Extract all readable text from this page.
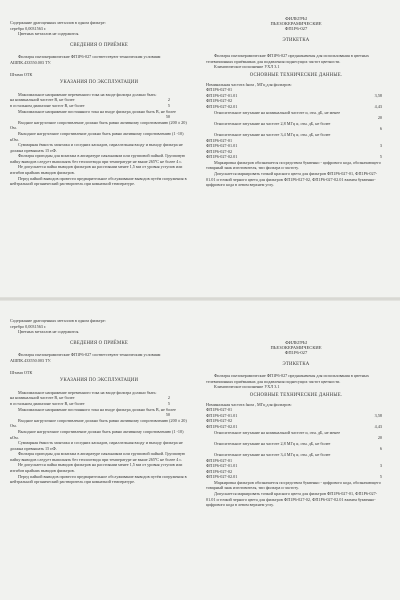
Содержание драгоценных металлов в одном фильтре:

серебро 0,0031563 г.

Цветных металлов не содержится.

СВЕДЕНИЯ О ПРИЁМКЕ

Фильтры пьезокерамические ФП1Р6-027 соответствуют техническим условиям АШПК.433550.003 ТУ.

Штамп ОТК

УКАЗАНИЯ ПО ЭКСПЛУАТАЦИИ

Максимальное напряжение переменного тока на входе фильтра должно быть:

на номинальной частоте В, не более	2
в остальном диапазоне частот В, не более	5

Максимальное напряжение постоянного тока на входе фильтра должно быть В, не более

50

Входное нагрузочное сопротивление должно быть равно активному сопротивлению (200 ± 20) Ом.

Выходное нагрузочное сопротивление должно быть равно активному сопротивлению (1 -10) кОм.

Суммарная ёмкость монтажа и соседних каскадов, параллельная входу и выходу фильтра не должна превышать 15 пФ.

Фильтры пригодны для монтажа в аппаратуре паяльником или групповой пайкой. Групповую пайку выводов следует выполнять без теплоотвода при температуре не выше 265ºС не более 4 с.

Не допускается пайка выводов фильтров на расстоянии менее 1,5 мм от уровня уступов или изгибов крайних выводов фильтров.

Перед пайкой выводов провести предварительное обслуживание выводов путём погружения в нейтральной органический растворитель при комнатной температуре.

ФИЛЬТРЫ

ПЬЕЗОКЕРАМИЧЕСКИЕ

ФП1Р6-027

ЭТИКЕТКА

Фильтры пьезокерамические ФП1Р6-027 предназначены для использования в цветных телевизионных приёмниках для подавления поднесущих частот цветности.

Климатическое исполнение УХЛ 3.1

ОСНОВНЫЕ ТЕХНИЧЕСКИЕ ДАННЫЕ.

Номинальная частота fном , МГц для фильтров:

ФП1Р6-027-01
ФП1Р6-027-01.01	3,58
ФП1Р6-027-02
ФП1Р6-027-02.01	4,43

Относительное затухание на номинальной частоте α, отн. дБ, не менее

20

Относительное затухание на частоте 2,8 МГц α, отн. дБ, не более

6

Относительное затухание на частоте 3,4 МГц α, отн. дБ, не более

ФП1Р6-027-01
ФП1Р6-027-01.01	3
ФП1Р6-027-02
ФП1Р6-027-02.01	5

Маркировка фильтров обозначается посредством буквенно - цифрового кода, обозначающего товарный знак изготовителя, тип фильтра и частоту.

Допускается маркировать точкой красного цвета для фильтров ФП1Р6-027-01, ФП1Р6-027-01.01 и точкой черного цвета для фильтров ФП1Р6-027-02, ФП1Р6-027-02.01 взамен буквенно-цифрового кода в левом верхнем углу.

Содержание драгоценных металлов в одном фильтре:

серебро 0,0031563 г.

Цветных металлов не содержится.

СВЕДЕНИЯ О ПРИЁМКЕ

Фильтры пьезокерамические ФП1Р6-027 соответствуют техническим условиям АШПК.433550.003 ТУ.

Штамп ОТК

УКАЗАНИЯ ПО ЭКСПЛУАТАЦИИ

Максимальное напряжение переменного тока на входе фильтра должно быть:

на номинальной частоте В, не более	2
в остальном диапазоне частот В, не более	5

Максимальное напряжение постоянного тока на входе фильтра должно быть В, не более

50

Входное нагрузочное сопротивление должно быть равно активному сопротивлению (200 ± 20) Ом.

Выходное нагрузочное сопротивление должно быть равно активному сопротивлению (1 -10) кОм.

Суммарная ёмкость монтажа и соседних каскадов, параллельная входу и выходу фильтра не должна превышать 15 пФ.

Фильтры пригодны для монтажа в аппаратуре паяльником или групповой пайкой. Групповую пайку выводов следует выполнять без теплоотвода при температуре не выше 265ºС не более 4 с.

Не допускается пайка выводов фильтров на расстоянии менее 1,5 мм от уровня уступов или изгибов крайних выводов фильтров.

Перед пайкой выводов провести предварительное обслуживание выводов путём погружения в нейтральной органический растворитель при комнатной температуре.

ФИЛЬТРЫ

ПЬЕЗОКЕРАМИЧЕСКИЕ

ФП1Р6-027

ЭТИКЕТКА

Фильтры пьезокерамические ФП1Р6-027 предназначены для использования в цветных телевизионных приёмниках для подавления поднесущих частот цветности.

Климатическое исполнение УХЛ 3.1

ОСНОВНЫЕ ТЕХНИЧЕСКИЕ ДАННЫЕ.

Номинальная частота fном , МГц для фильтров:

ФП1Р6-027-01
ФП1Р6-027-01.01	3,58
ФП1Р6-027-02
ФП1Р6-027-02.01	4,43

Относительное затухание на номинальной частоте α, отн. дБ, не менее

20

Относительное затухание на частоте 2,8 МГц α, отн. дБ, не более

6

Относительное затухание на частоте 3,4 МГц α, отн. дБ, не более

ФП1Р6-027-01
ФП1Р6-027-01.01	3
ФП1Р6-027-02
ФП1Р6-027-02.01	5

Маркировка фильтров обозначается посредством буквенно - цифрового кода, обозначающего товарный знак изготовителя, тип фильтра и частоту.

Допускается маркировать точкой красного цвета для фильтров ФП1Р6-027-01, ФП1Р6-027-01.01 и точкой черного цвета для фильтров ФП1Р6-027-02, ФП1Р6-027-02.01 взамен буквенно-цифрового кода в левом верхнем углу.
